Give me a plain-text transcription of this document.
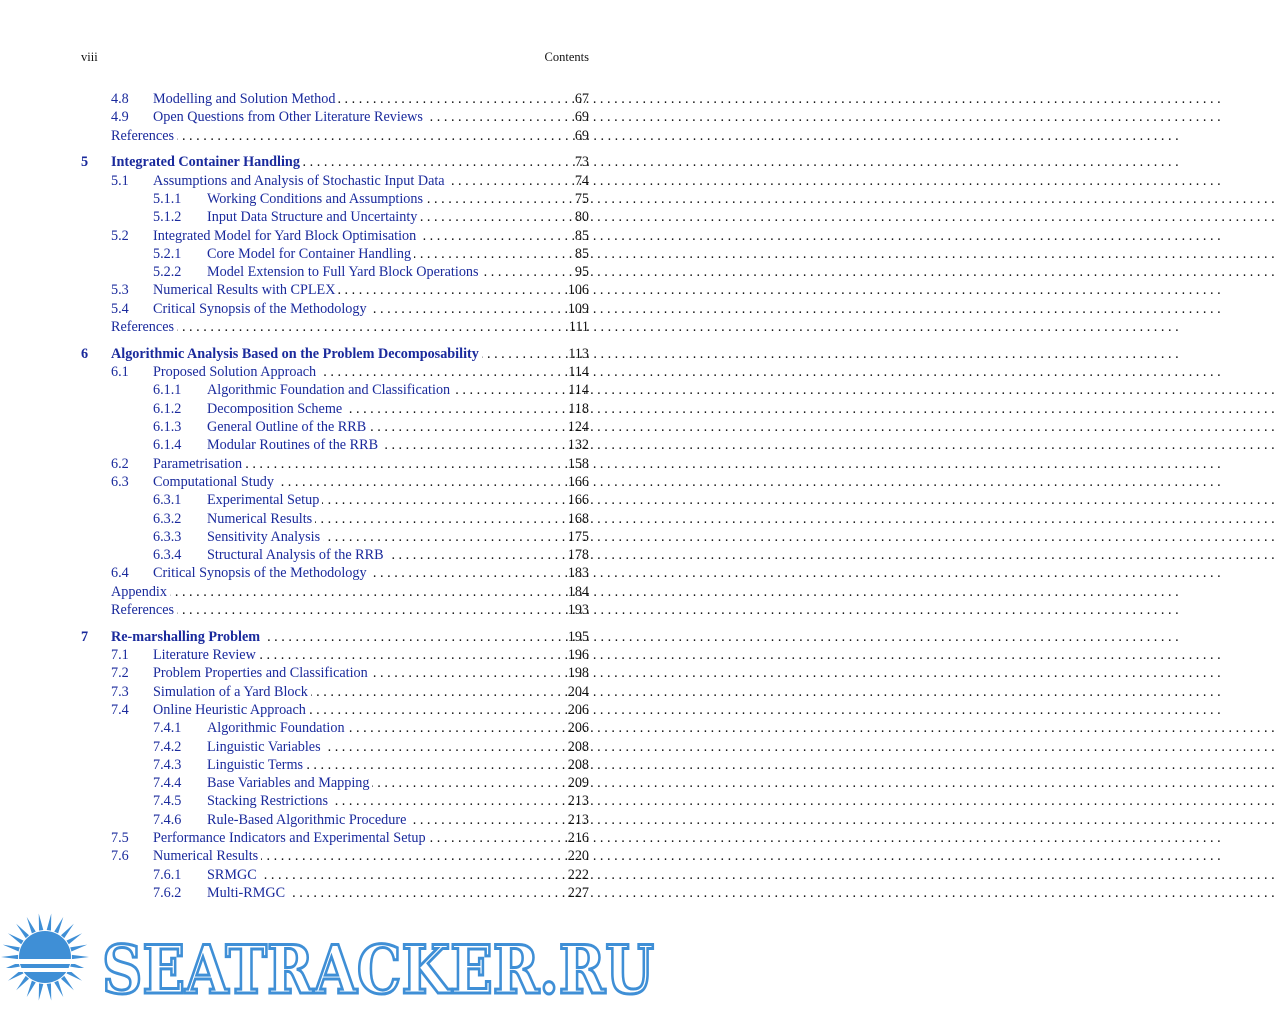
viii	Contents
4.8 Modelling and Solution Method . . .	67
4.9 Open Questions from Other Literature Reviews . . .	69
References . . .	69
5 Integrated Container Handling . . .	73
5.1 Assumptions and Analysis of Stochastic Input Data . . .	74
5.1.1 Working Conditions and Assumptions . . .	75
5.1.2 Input Data Structure and Uncertainty . . .	80
5.2 Integrated Model for Yard Block Optimisation . . .	85
5.2.1 Core Model for Container Handling . . .	85
5.2.2 Model Extension to Full Yard Block Operations . . .	95
5.3 Numerical Results with CPLEX . . .	106
5.4 Critical Synopsis of the Methodology . . .	109
References . . .	111
6 Algorithmic Analysis Based on the Problem Decomposability . . .	113
6.1 Proposed Solution Approach . . .	114
6.1.1 Algorithmic Foundation and Classification . . .	114
6.1.2 Decomposition Scheme . . .	118
6.1.3 General Outline of the RRB . . .	124
6.1.4 Modular Routines of the RRB . . .	132
6.2 Parametrisation . . .	158
6.3 Computational Study . . .	166
6.3.1 Experimental Setup . . .	166
6.3.2 Numerical Results . . .	168
6.3.3 Sensitivity Analysis . . .	175
6.3.4 Structural Analysis of the RRB . . .	178
6.4 Critical Synopsis of the Methodology . . .	183
Appendix . . .	184
References . . .	193
7 Re-marshalling Problem . . .	195
7.1 Literature Review . . .	196
7.2 Problem Properties and Classification . . .	198
7.3 Simulation of a Yard Block . . .	204
7.4 Online Heuristic Approach . . .	206
7.4.1 Algorithmic Foundation . . .	206
7.4.2 Linguistic Variables . . .	208
7.4.3 Linguistic Terms . . .	208
7.4.4 Base Variables and Mapping . . .	209
7.4.5 Stacking Restrictions . . .	213
7.4.6 Rule-Based Algorithmic Procedure . . .	213
7.5 Performance Indicators and Experimental Setup . . .	216
7.6 Numerical Results . . .	220
7.6.1 SRMGC . . .	222
7.6.2 Multi-RMGC . . .	227
SEATRACKER.RU
